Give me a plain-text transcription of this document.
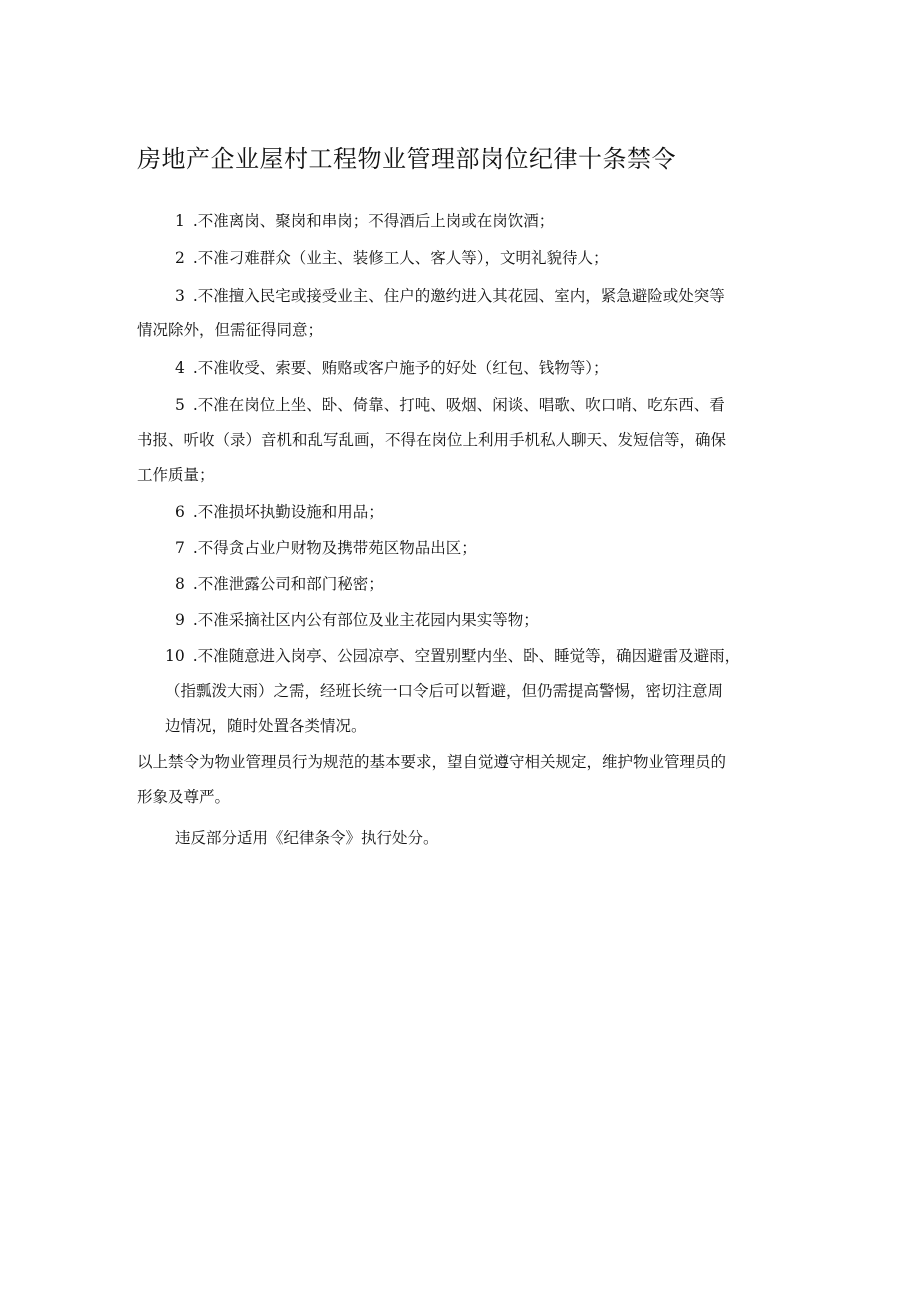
房地产企业屋村工程物业管理部岗位纪律十条禁令
1 .不准离岗、聚岗和串岗；不得酒后上岗或在岗饮酒；
2 .不准刁难群众（业主、装修工人、客人等），文明礼貌待人；
3 .不准擅入民宅或接受业主、住户的邀约进入其花园、室内，紧急避险或处突等
情况除外，但需征得同意；
4 .不准收受、索要、贿赂或客户施予的好处（红包、钱物等）；
5 .不准在岗位上坐、卧、倚靠、打吨、吸烟、闲谈、唱歌、吹口哨、吃东西、看
书报、听收（录）音机和乱写乱画，不得在岗位上利用手机私人聊天、发短信等，确保
工作质量；
6 .不准损坏执勤设施和用品；
7 .不得贪占业户财物及携带苑区物品出区；
8 .不准泄露公司和部门秘密；
9 .不准采摘社区内公有部位及业主花园内果实等物；
10 .不准随意进入岗亭、公园凉亭、空置别墅内坐、卧、睡觉等，确因避雷及避雨，
（指瓢泼大雨）之需，经班长统一口令后可以暂避，但仍需提高警惕，密切注意周
边情况，随时处置各类情况。
以上禁令为物业管理员行为规范的基本要求，望自觉遵守相关规定，维护物业管理员的
形象及尊严。
违反部分适用《纪律条令》执行处分。
